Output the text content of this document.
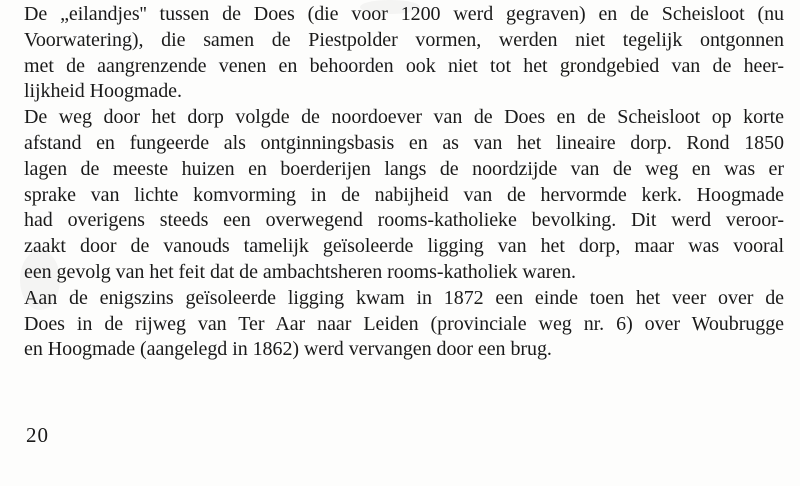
De „eilandjes'' tussen de Does (die voor 1200 werd gegraven) en de Scheisloot (nu
Voorwatering), die samen de Piestpolder vormen, werden niet tegelijk ontgonnen
met de aangrenzende venen en behoorden ook niet tot het grondgebied van de heer-
lijkheid Hoogmade.

De weg door het dorp volgde de noordoever van de Does en de Scheisloot op korte
afstand en fungeerde als ontginningsbasis en as van het lineaire dorp. Rond 1850
lagen de meeste huizen en boerderijen langs de noordzijde van de weg en was er
sprake van lichte komvorming in de nabijheid van de hervormde kerk. Hoogmade
had overigens steeds een overwegend rooms-katholieke bevolking. Dit werd veroor-
zaakt door de vanouds tamelijk geïsoleerde ligging van het dorp, maar was vooral
een gevolg van het feit dat de ambachtsheren rooms-katholiek waren.

Aan de enigszins geïsoleerde ligging kwam in 1872 een einde toen het veer over de
Does in de rijweg van Ter Aar naar Leiden (provinciale weg nr. 6) over Woubrugge
en Hoogmade (aangelegd in 1862) werd vervangen door een brug.

20
